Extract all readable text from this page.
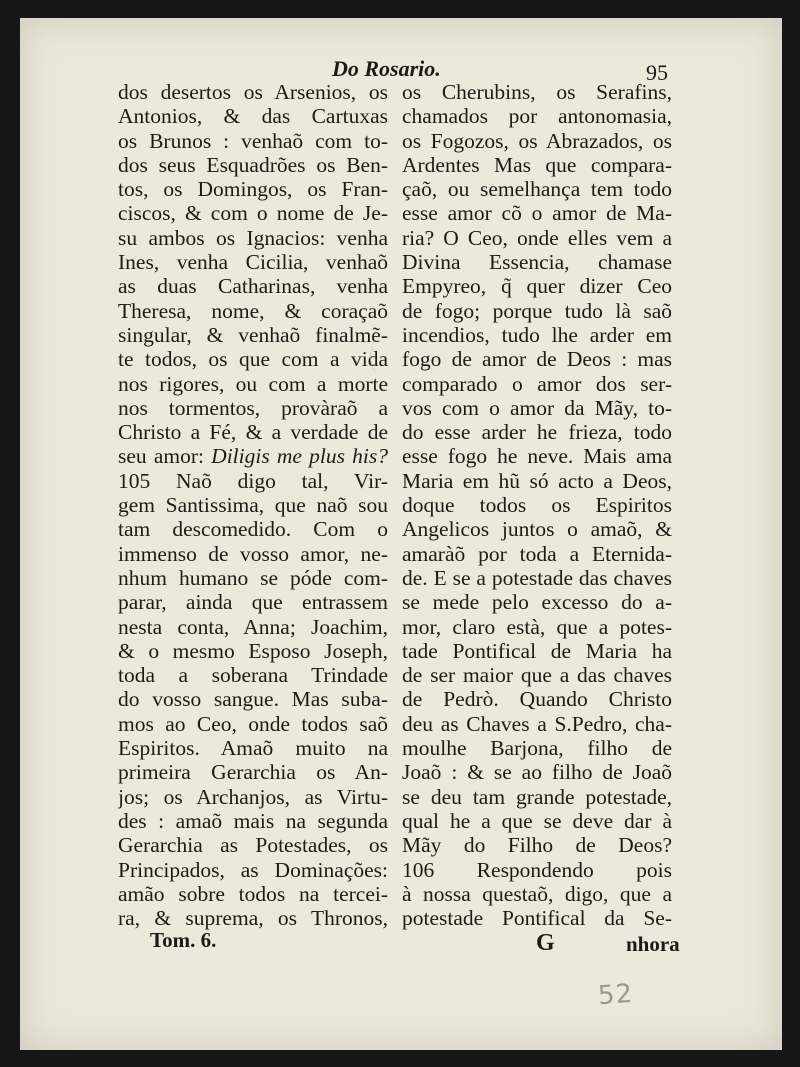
Do Rosario.	95
dos desertos os Arsenios, os
Antonios, & das Cartuxas
os Brunos : venhaõ com to-
dos seus Esquadrões os Ben-
tos, os Domingos, os Fran-
ciscos, & com o nome de Je-
su ambos os Ignacios: venha
Ines, venha Cicilia, venhaõ
as duas Catharinas, venha
Theresa, nome, & coraçaõ
singular, & venhaõ finalmẽ-
te todos, os que com a vida
nos rigores, ou com a morte
nos tormentos, provàraõ a
Christo a Fé, & a verdade de
seu amor: Diligis me plus his?
105 Naõ digo tal, Vir-
gem Santissima, que naõ sou
tam descomedido. Com o
immenso de vosso amor, ne-
nhum humano se póde com-
parar, ainda que entrassem
nesta conta, Anna; Joachim,
& o mesmo Esposo Joseph,
toda a soberana Trindade
do vosso sangue. Mas suba-
mos ao Ceo, onde todos saõ
Espiritos. Amaõ muito na
primeira Gerarchia os An-
jos; os Archanjos, as Virtu-
des : amaõ mais na segunda
Gerarchia as Potestades, os
Principados, as Dominações:
amão sobre todos na tercei-
ra, & suprema, os Thronos,
os Cherubins, os Serafins,
chamados por antonomasia,
os Fogozos, os Abrazados, os
Ardentes Mas que compara-
çaõ, ou semelhança tem todo
esse amor cõ o amor de Ma-
ria? O Ceo, onde elles vem a
Divina Essencia, chamase
Empyreo, q̃ quer dizer Ceo
de fogo; porque tudo là saõ
incendios, tudo lhe arder em
fogo de amor de Deos : mas
comparado o amor dos ser-
vos com o amor da Mãy, to-
do esse arder he frieza, todo
esse fogo he neve. Mais ama
Maria em hũ só acto a Deos,
doque todos os Espiritos
Angelicos juntos o amaõ, &
amaràõ por toda a Eternida-
de. E se a potestade das chaves
se mede pelo excesso do a-
mor, claro està, que a potes-
tade Pontifical de Maria ha
de ser maior que a das chaves
de Pedrò. Quando Christo
deu as Chaves a S.Pedro, cha-
moulhe Barjona, filho de
Joaõ : & se ao filho de Joaõ
se deu tam grande potestade,
qual he a que se deve dar à
Mãy do Filho de Deos?
106 Respondendo pois
à nossa questaõ, digo, que a
potestade Pontifical da Se-
Tom. 6.	G	nhora
52
